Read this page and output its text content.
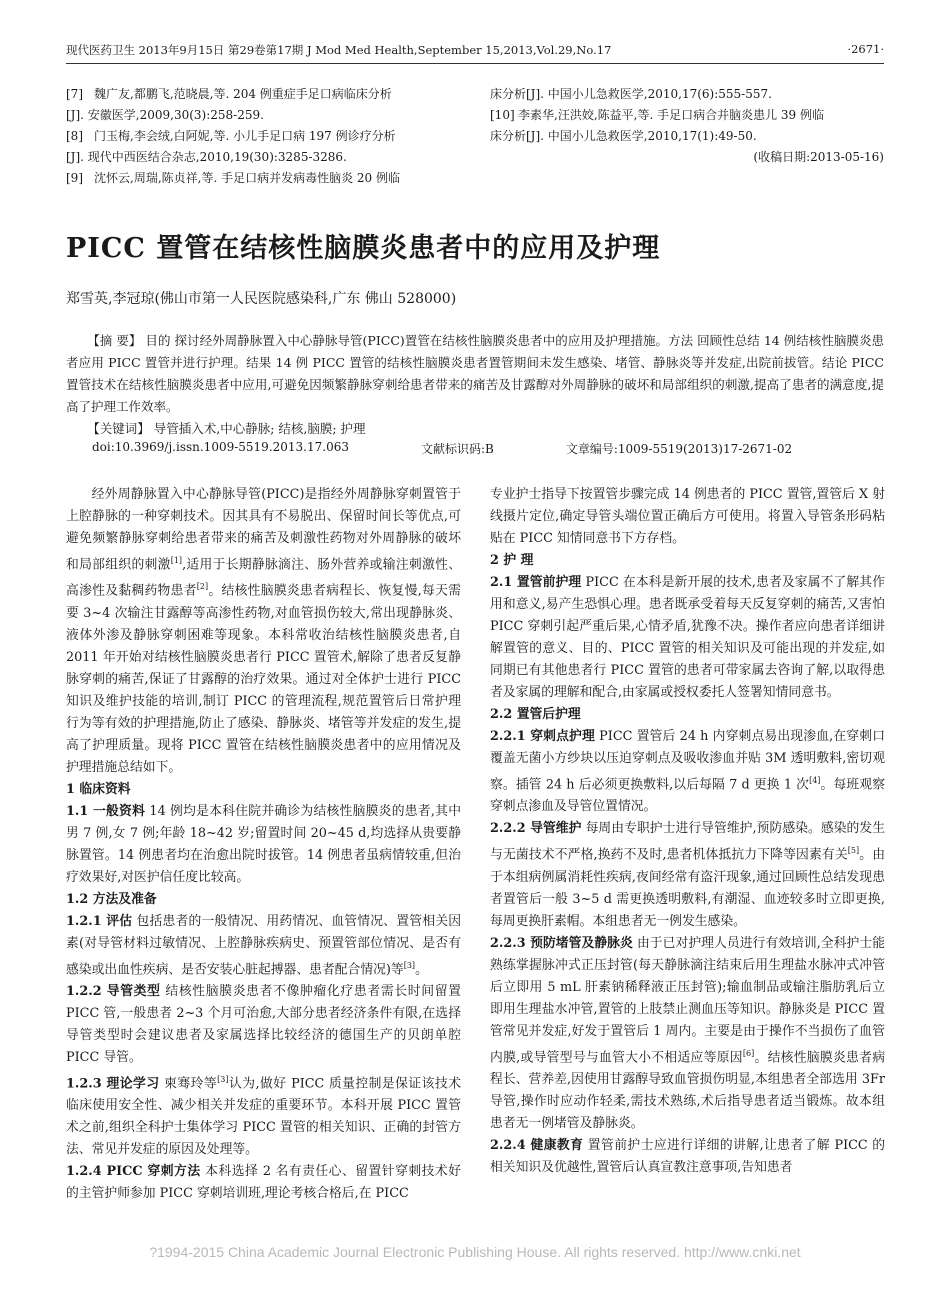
现代医药卫生 2013年9月15日 第29卷第17期 J Mod Med Health,September 15,2013,Vol.29,No.17	·2671·
[7] 魏广友,都鹏飞,范晓晨,等. 204 例重症手足口病临床分析
[J]. 安徽医学,2009,30(3):258-259.
[8] 门玉梅,李会绒,白阿妮,等. 小儿手足口病 197 例诊疗分析
[J]. 现代中西医结合杂志,2010,19(30):3285-3286.
[9] 沈怀云,周瑞,陈贞祥,等. 手足口病并发病毒性脑炎 20 例临
床分析[J]. 中国小儿急救医学,2010,17(6):555-557.
[10] 李素华,汪洪姣,陈益平,等. 手足口病合并脑炎患儿 39 例临
床分析[J]. 中国小儿急救医学,2010,17(1):49-50.
(收稿日期:2013-05-16)
PICC 置管在结核性脑膜炎患者中的应用及护理
郑雪英,李冠琼(佛山市第一人民医院感染科,广东 佛山 528000)

【摘 要】 目的 探讨经外周静脉置入中心静脉导管(PICC)置管在结核性脑膜炎患者中的应用及护理措施。方法 回顾性总结 14 例结核性脑膜炎患者应用 PICC 置管并进行护理。结果 14 例 PICC 置管的结核性脑膜炎患者置管期间未发生感染、堵管、静脉炎等并发症,出院前拔管。结论 PICC 置管技术在结核性脑膜炎患者中应用,可避免因频繁静脉穿刺给患者带来的痛苦及甘露醇对外周静脉的破坏和局部组织的刺激,提高了患者的满意度,提高了护理工作效率。

【关键词】 导管插入术,中心静脉; 结核,脑膜; 护理

doi:10.3969/j.issn.1009-5519.2013.17.063	文献标识码:B	文章编号:1009-5519(2013)17-2671-02

经外周静脉置入中心静脉导管(PICC)是指经外周静脉穿刺置管于上腔静脉的一种穿刺技术。因其具有不易脱出、保留时间长等优点,可避免频繁静脉穿刺给患者带来的痛苦及刺激性药物对外周静脉的破坏和局部组织的刺激[1],适用于长期静脉滴注、肠外营养或输注刺激性、高渗性及黏稠药物患者[2]。结核性脑膜炎患者病程长、恢复慢,每天需要 3~4 次输注甘露醇等高渗性药物,对血管损伤较大,常出现静脉炎、液体外渗及静脉穿刺困难等现象。本科常收治结核性脑膜炎患者,自 2011 年开始对结核性脑膜炎患者行 PICC 置管术,解除了患者反复静脉穿刺的痛苦,保证了甘露醇的治疗效果。通过对全体护士进行 PICC 知识及维护技能的培训,制订 PICC 的管理流程,规范置管后日常护理行为等有效的护理措施,防止了感染、静脉炎、堵管等并发症的发生,提高了护理质量。现将 PICC 置管在结核性脑膜炎患者中的应用情况及护理措施总结如下。

1 临床资料

1.1 一般资料 14 例均是本科住院并确诊为结核性脑膜炎的患者,其中男 7 例,女 7 例;年龄 18~42 岁;留置时间 20~45 d,均选择从贵要静脉置管。14 例患者均在治愈出院时拔管。14 例患者虽病情较重,但治疗效果好,对医护信任度比较高。

1.2 方法及准备

1.2.1 评估 包括患者的一般情况、用药情况、血管情况、置管相关因素(对导管材料过敏情况、上腔静脉疾病史、预置管部位情况、是否有感染或出血性疾病、是否安装心脏起搏器、患者配合情况)等[3]。

1.2.2 导管类型 结核性脑膜炎患者不像肿瘤化疗患者需长时间留置 PICC 管,一般患者 2~3 个月可治愈,大部分患者经济条件有限,在选择导管类型时会建议患者及家属选择比较经济的德国生产的贝朗单腔 PICC 导管。

1.2.3 理论学习 柬骞玲等[3]认为,做好 PICC 质量控制是保证该技术临床使用安全性、减少相关并发症的重要环节。本科开展 PICC 置管术之前,组织全科护士集体学习 PICC 置管的相关知识、正确的封管方法、常见并发症的原因及处理等。

1.2.4 PICC 穿刺方法 本科选择 2 名有责任心、留置针穿刺技术好的主管护师参加 PICC 穿刺培训班,理论考核合格后,在 PICC

专业护士指导下按置管步骤完成 14 例患者的 PICC 置管,置管后 X 射线摄片定位,确定导管头端位置正确后方可使用。将置入导管条形码粘贴在 PICC 知情同意书下方存档。

2 护 理

2.1 置管前护理 PICC 在本科是新开展的技术,患者及家属不了解其作用和意义,易产生恐惧心理。患者既承受着每天反复穿刺的痛苦,又害怕 PICC 穿刺引起严重后果,心情矛盾,犹豫不决。操作者应向患者详细讲解置管的意义、目的、PICC 置管的相关知识及可能出现的并发症,如同期已有其他患者行 PICC 置管的患者可带家属去咨询了解,以取得患者及家属的理解和配合,由家属或授权委托人签署知情同意书。

2.2 置管后护理

2.2.1 穿刺点护理 PICC 置管后 24 h 内穿刺点易出现渗血,在穿刺口覆盖无菌小方纱块以压迫穿刺点及吸收渗血并贴 3M 透明敷料,密切观察。插管 24 h 后必须更换敷料,以后每隔 7 d 更换 1 次[4]。每班观察穿刺点渗血及导管位置情况。

2.2.2 导管维护 每周由专职护士进行导管维护,预防感染。感染的发生与无菌技术不严格,换药不及时,患者机体抵抗力下降等因素有关[5]。由于本组病例属消耗性疾病,夜间经常有盗汗现象,通过回顾性总结发现患者置管后一般 3~5 d 需更换透明敷料,有潮湿、血迹较多时立即更换,每周更换肝素帽。本组患者无一例发生感染。

2.2.3 预防堵管及静脉炎 由于已对护理人员进行有效培训,全科护士能熟练掌握脉冲式正压封管(每天静脉滴注结束后用生理盐水脉冲式冲管后立即用 5 mL 肝素钠稀释液正压封管);输血制品或输注脂肪乳后立即用生理盐水冲管,置管的上肢禁止测血压等知识。静脉炎是 PICC 置管常见并发症,好发于置管后 1 周内。主要是由于操作不当损伤了血管内膜,或导管型号与血管大小不相适应等原因[6]。结核性脑膜炎患者病程长、营养差,因使用甘露醇导致血管损伤明显,本组患者全部选用 3Fr 导管,操作时应动作轻柔,需技术熟练,术后指导患者适当锻炼。故本组患者无一例堵管及静脉炎。

2.2.4 健康教育 置管前护士应进行详细的讲解,让患者了解 PICC 的相关知识及优越性,置管后认真宣教注意事项,告知患者

?1994-2015 China Academic Journal Electronic Publishing House. All rights reserved. http://www.cnki.net
